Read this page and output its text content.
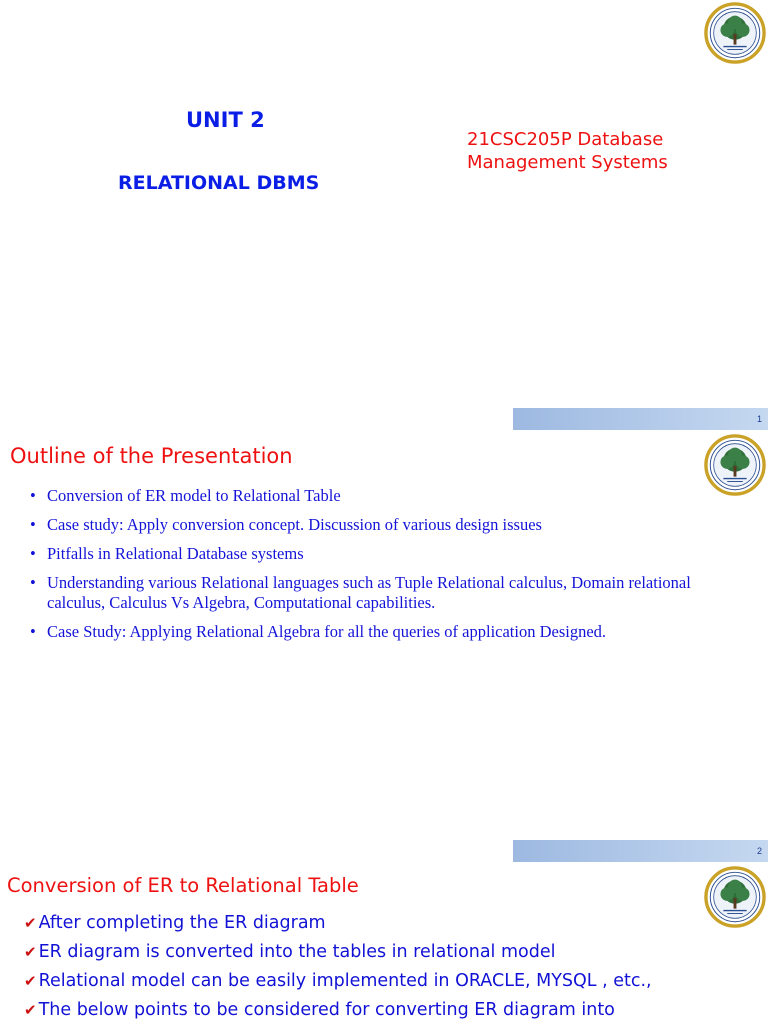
UNIT 2
RELATIONAL DBMS
21CSC205P Database
Management Systems
1
Outline of the Presentation
• Conversion of ER model to Relational Table
• Case study: Apply conversion concept. Discussion of various design issues
• Pitfalls in Relational Database systems
• Understanding various Relational languages such as Tuple Relational calculus, Domain relational calculus, Calculus Vs Algebra, Computational capabilities.
• Case Study: Applying Relational Algebra for all the queries of application Designed.
2
Conversion of ER to Relational Table
✔ After completing the ER diagram
✔ ER diagram is converted into the tables in relational model
✔ Relational model can be easily implemented in ORACLE, MYSQL , etc.,
✔ The below points to be considered for converting ER diagram into
